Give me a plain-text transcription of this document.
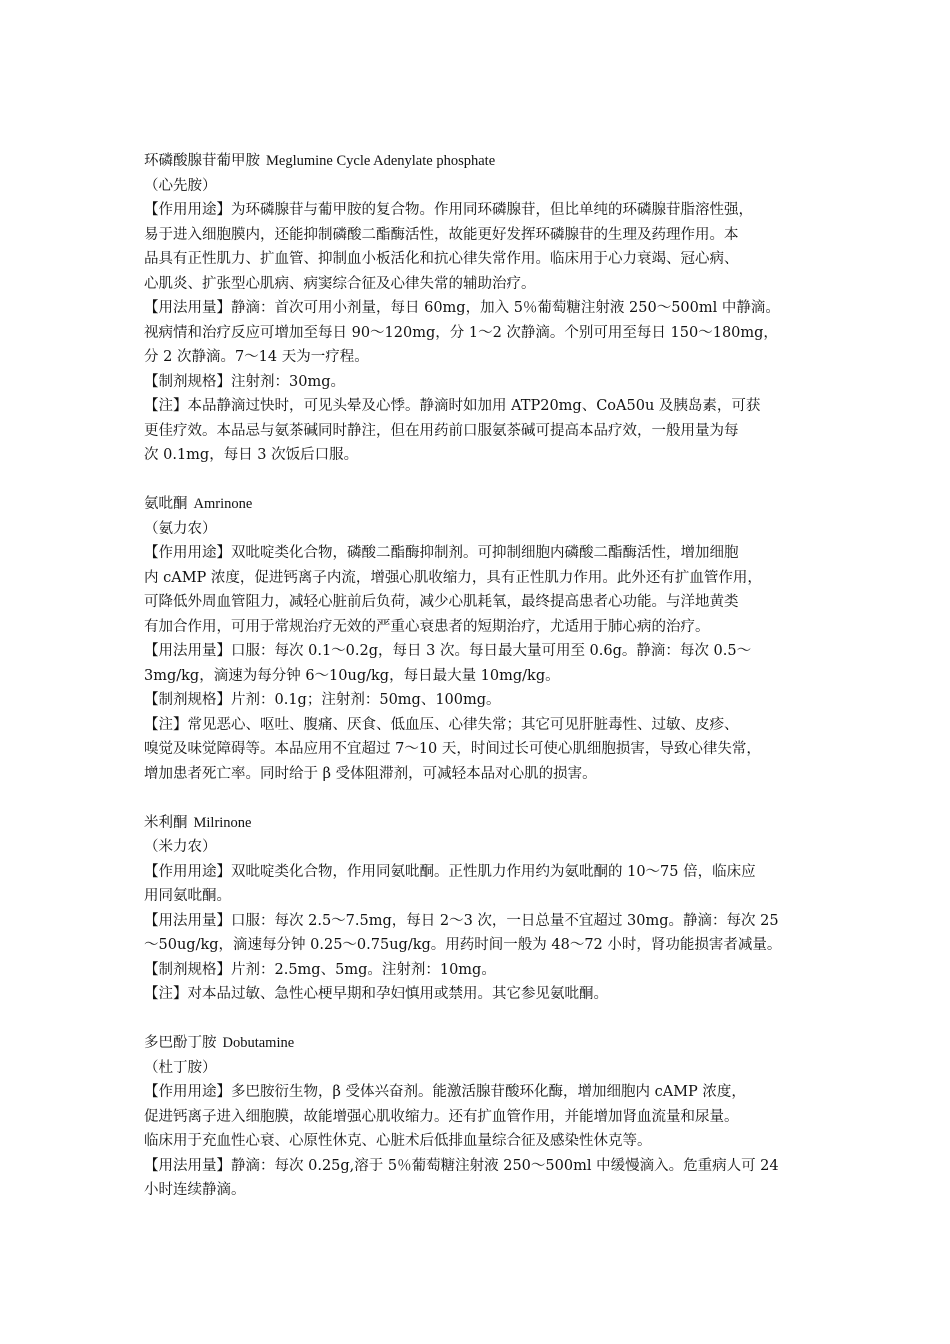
环磷酸腺苷葡甲胺 Meglumine Cycle Adenylate phosphate
（心先胺）
【作用用途】为环磷腺苷与葡甲胺的复合物。作用同环磷腺苷，但比单纯的环磷腺苷脂溶性强，
易于进入细胞膜内，还能抑制磷酸二酯酶活性，故能更好发挥环磷腺苷的生理及药理作用。本
品具有正性肌力、扩血管、抑制血小板活化和抗心律失常作用。临床用于心力衰竭、冠心病、
心肌炎、扩张型心肌病、病窦综合征及心律失常的辅助治疗。
【用法用量】静滴：首次可用小剂量，每日 60mg，加入 5％葡萄糖注射液 250～500ml 中静滴。
视病情和治疗反应可增加至每日 90～120mg，分 1～2 次静滴。个别可用至每日 150～180mg，
分 2 次静滴。7～14 天为一疗程。
【制剂规格】注射剂：30mg。
【注】本品静滴过快时，可见头晕及心悸。静滴时如加用 ATP20mg、CoA50u 及胰岛素，可获
更佳疗效。本品忌与氨茶碱同时静注，但在用药前口服氨茶碱可提高本品疗效，一般用量为每
次 0.1mg，每日 3 次饭后口服。
氨吡酮 Amrinone
（氨力农）
【作用用途】双吡啶类化合物，磷酸二酯酶抑制剂。可抑制细胞内磷酸二酯酶活性，增加细胞
内 cAMP 浓度，促进钙离子内流，增强心肌收缩力，具有正性肌力作用。此外还有扩血管作用，
可降低外周血管阻力，减轻心脏前后负荷，减少心肌耗氧，最终提高患者心功能。与洋地黄类
有加合作用，可用于常规治疗无效的严重心衰患者的短期治疗，尤适用于肺心病的治疗。
【用法用量】口服：每次 0.1～0.2g，每日 3 次。每日最大量可用至 0.6g。静滴：每次 0.5～
3mg/kg，滴速为每分钟 6～10ug/kg，每日最大量 10mg/kg。
【制剂规格】片剂：0.1g；注射剂：50mg、100mg。
【注】常见恶心、呕吐、腹痛、厌食、低血压、心律失常；其它可见肝脏毒性、过敏、皮疹、
嗅觉及味觉障碍等。本品应用不宜超过 7～10 天，时间过长可使心肌细胞损害，导致心律失常，
增加患者死亡率。同时给于 β 受体阻滞剂，可减轻本品对心肌的损害。
米利酮 Milrinone
（米力农）
【作用用途】双吡啶类化合物，作用同氨吡酮。正性肌力作用约为氨吡酮的 10～75 倍，临床应
用同氨吡酮。
【用法用量】口服：每次 2.5～7.5mg，每日 2～3 次，一日总量不宜超过 30mg。静滴：每次 25
～50ug/kg，滴速每分钟 0.25～0.75ug/kg。用药时间一般为 48～72 小时，肾功能损害者减量。
【制剂规格】片剂：2.5mg、5mg。注射剂：10mg。
【注】对本品过敏、急性心梗早期和孕妇慎用或禁用。其它参见氨吡酮。
多巴酚丁胺 Dobutamine
（杜丁胺）
【作用用途】多巴胺衍生物，β 受体兴奋剂。能激活腺苷酸环化酶，增加细胞内 cAMP 浓度，
促进钙离子进入细胞膜，故能增强心肌收缩力。还有扩血管作用，并能增加肾血流量和尿量。
临床用于充血性心衰、心原性休克、心脏术后低排血量综合征及感染性休克等。
【用法用量】静滴：每次 0.25g,溶于 5％葡萄糖注射液 250～500ml 中缓慢滴入。危重病人可 24
小时连续静滴。
